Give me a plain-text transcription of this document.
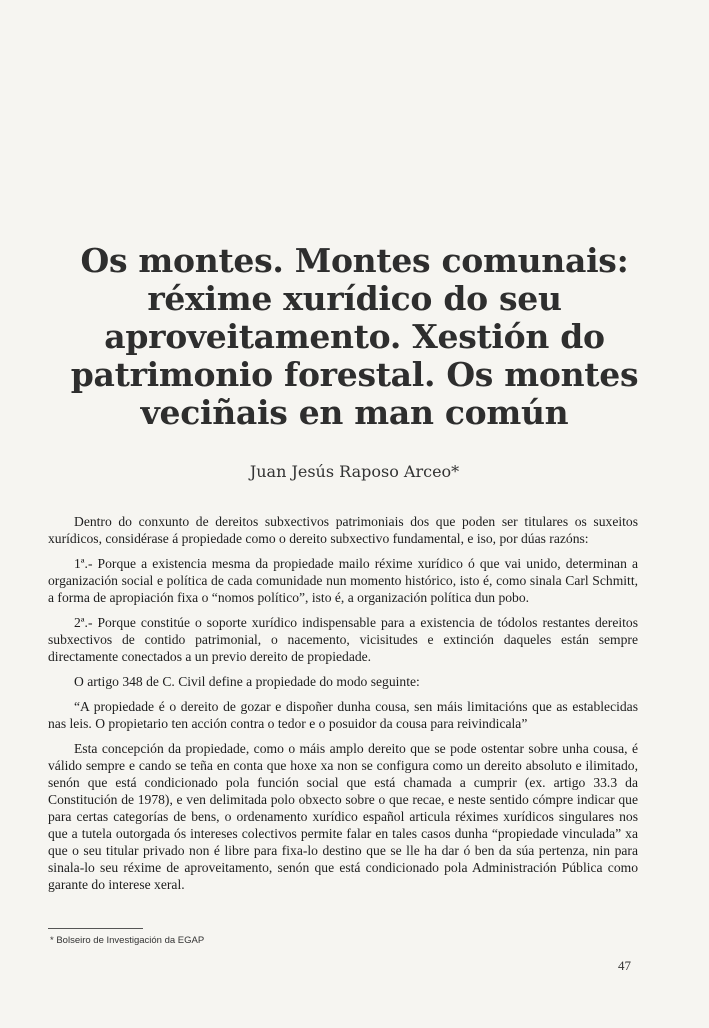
Os montes. Montes comunais:
réxime xurídico do seu
aproveitamento. Xestión do
patrimonio forestal. Os montes
veciñais en man común

Juan Jesús Raposo Arceo*

Dentro do conxunto de dereitos subxectivos patrimoniais dos que poden ser titulares os suxeitos xurídicos, considérase á propiedade como o dereito subxectivo fundamental, e iso, por dúas razóns:

1ª.- Porque a existencia mesma da propiedade mailo réxime xurídico ó que vai unido, determinan a organización social e política de cada comunidade nun momento histórico, isto é, como sinala Carl Schmitt, a forma de apropiación fixa o “nomos político”, isto é, a organización política dun pobo.

2ª.- Porque constitúe o soporte xurídico indispensable para a existencia de tódolos restantes dereitos subxectivos de contido patrimonial, o nacemento, vicisitudes e extinción daqueles están sempre directamente conectados a un previo dereito de propiedade.

O artigo 348 de C. Civil define a propiedade do modo seguinte:

“A propiedade é o dereito de gozar e dispoñer dunha cousa, sen máis limitacións que as establecidas nas leis. O propietario ten acción contra o tedor e o posuidor da cousa para reivindicala”

Esta concepción da propiedade, como o máis amplo dereito que se pode ostentar sobre unha cousa, é válido sempre e cando se teña en conta que hoxe xa non se configura como un dereito absoluto e ilimitado, senón que está condicionado pola función social que está chamada a cumprir (ex. artigo 33.3 da Constitución de 1978), e ven delimitada polo obxecto sobre o que recae, e neste sentido cómpre indicar que para certas categorías de bens, o ordenamento xurídico español articula réximes xurídicos singulares nos que a tutela outorgada ós intereses colectivos permite falar en tales casos dunha “propiedade vinculada” xa que o seu titular privado non é libre para fixa-lo destino que se lle ha dar ó ben da súa pertenza, nin para sinala-lo seu réxime de aproveitamento, senón que está condicionado pola Administración Pública como garante do interese xeral.

* Bolseiro de Investigación da EGAP
47
